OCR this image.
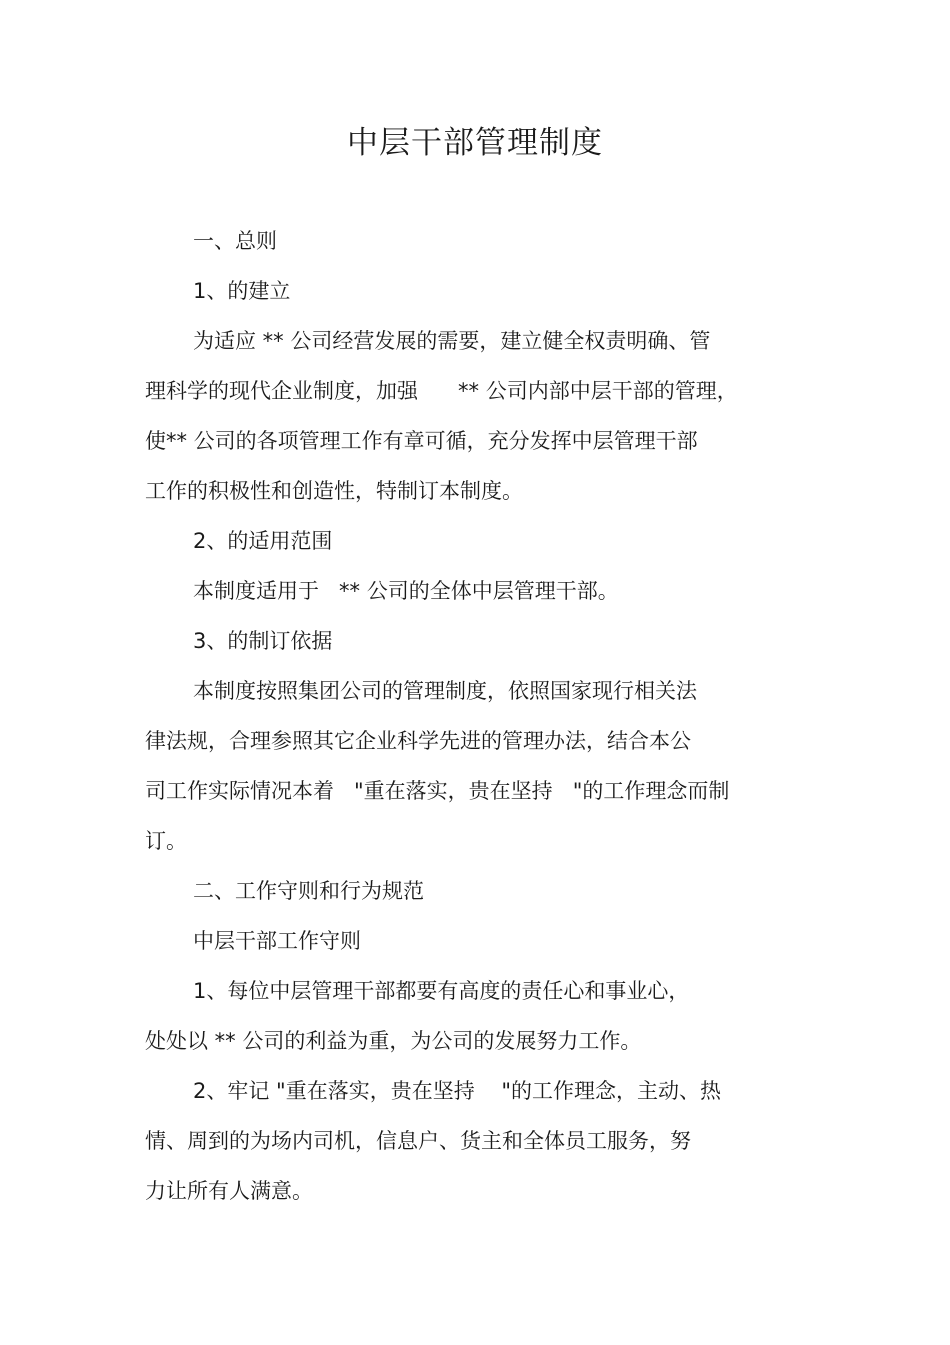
中层干部管理制度
一、总则
1、的建立
为适应 ** 公司经营发展的需要，建立健全权责明确、管
理科学的现代企业制度，加强      ** 公司内部中层干部的管理，
使** 公司的各项管理工作有章可循，充分发挥中层管理干部
工作的积极性和创造性，特制订本制度。
2、的适用范围
本制度适用于   ** 公司的全体中层管理干部。
3、的制订依据
本制度按照集团公司的管理制度，依照国家现行相关法
律法规，合理参照其它企业科学先进的管理办法，结合本公
司工作实际情况本着   "重在落实，贵在坚持   "的工作理念而制
订。
二、工作守则和行为规范
中层干部工作守则
1、每位中层管理干部都要有高度的责任心和事业心，
处处以 ** 公司的利益为重，为公司的发展努力工作。
2、牢记 "重在落实，贵在坚持    "的工作理念，主动、热
情、周到的为场内司机，信息户、货主和全体员工服务，努
力让所有人满意。
